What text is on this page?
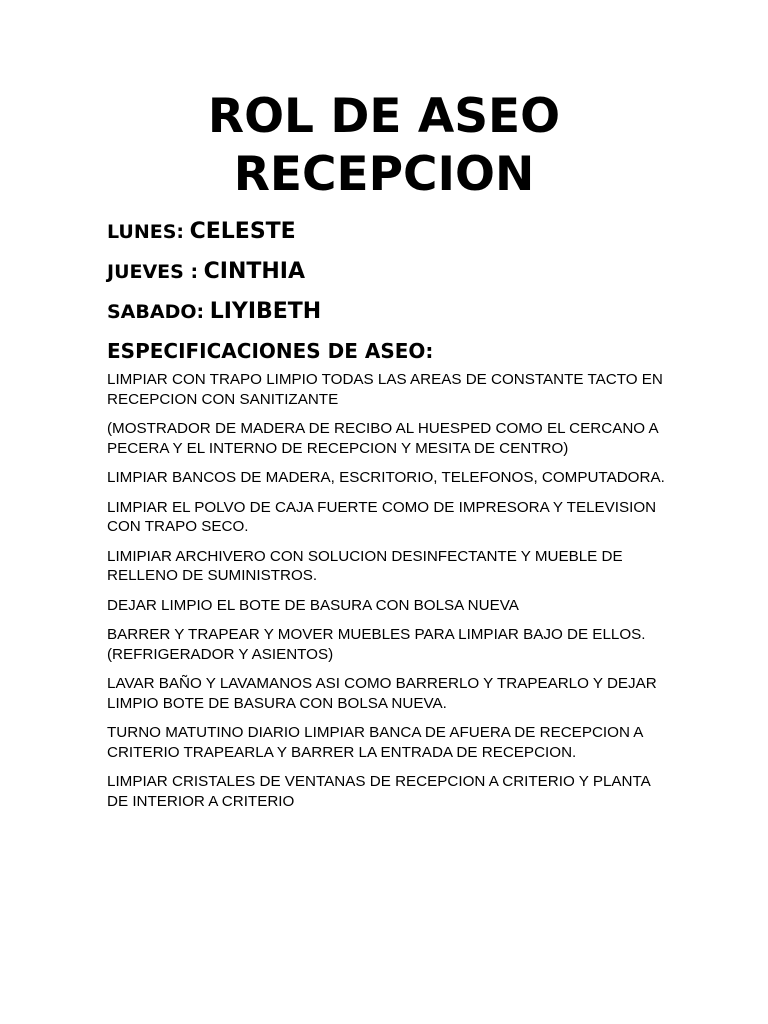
ROL DE ASEO
RECEPCION
LUNES: CELESTE
JUEVES : CINTHIA
SABADO: LIYIBETH
ESPECIFICACIONES DE ASEO:

LIMPIAR CON TRAPO LIMPIO TODAS LAS AREAS DE CONSTANTE TACTO EN RECEPCION CON SANITIZANTE

(MOSTRADOR DE MADERA DE RECIBO AL HUESPED COMO EL CERCANO A PECERA Y EL INTERNO DE RECEPCION Y MESITA DE CENTRO)

LIMPIAR BANCOS DE MADERA, ESCRITORIO, TELEFONOS, COMPUTADORA.

LIMPIAR EL POLVO DE CAJA FUERTE COMO DE IMPRESORA Y TELEVISION CON TRAPO SECO.

LIMIPIAR ARCHIVERO CON SOLUCION DESINFECTANTE Y MUEBLE DE RELLENO DE SUMINISTROS.

DEJAR LIMPIO EL BOTE DE BASURA CON BOLSA NUEVA

BARRER Y TRAPEAR Y MOVER MUEBLES PARA LIMPIAR BAJO DE ELLOS. (REFRIGERADOR Y ASIENTOS)

LAVAR BAÑO Y LAVAMANOS ASI COMO BARRERLO Y TRAPEARLO Y DEJAR LIMPIO BOTE DE BASURA CON BOLSA NUEVA.

TURNO MATUTINO DIARIO LIMPIAR BANCA DE AFUERA DE RECEPCION A CRITERIO TRAPEARLA Y BARRER LA ENTRADA DE RECEPCION.

LIMPIAR CRISTALES DE VENTANAS DE RECEPCION A CRITERIO Y PLANTA DE INTERIOR A CRITERIO
